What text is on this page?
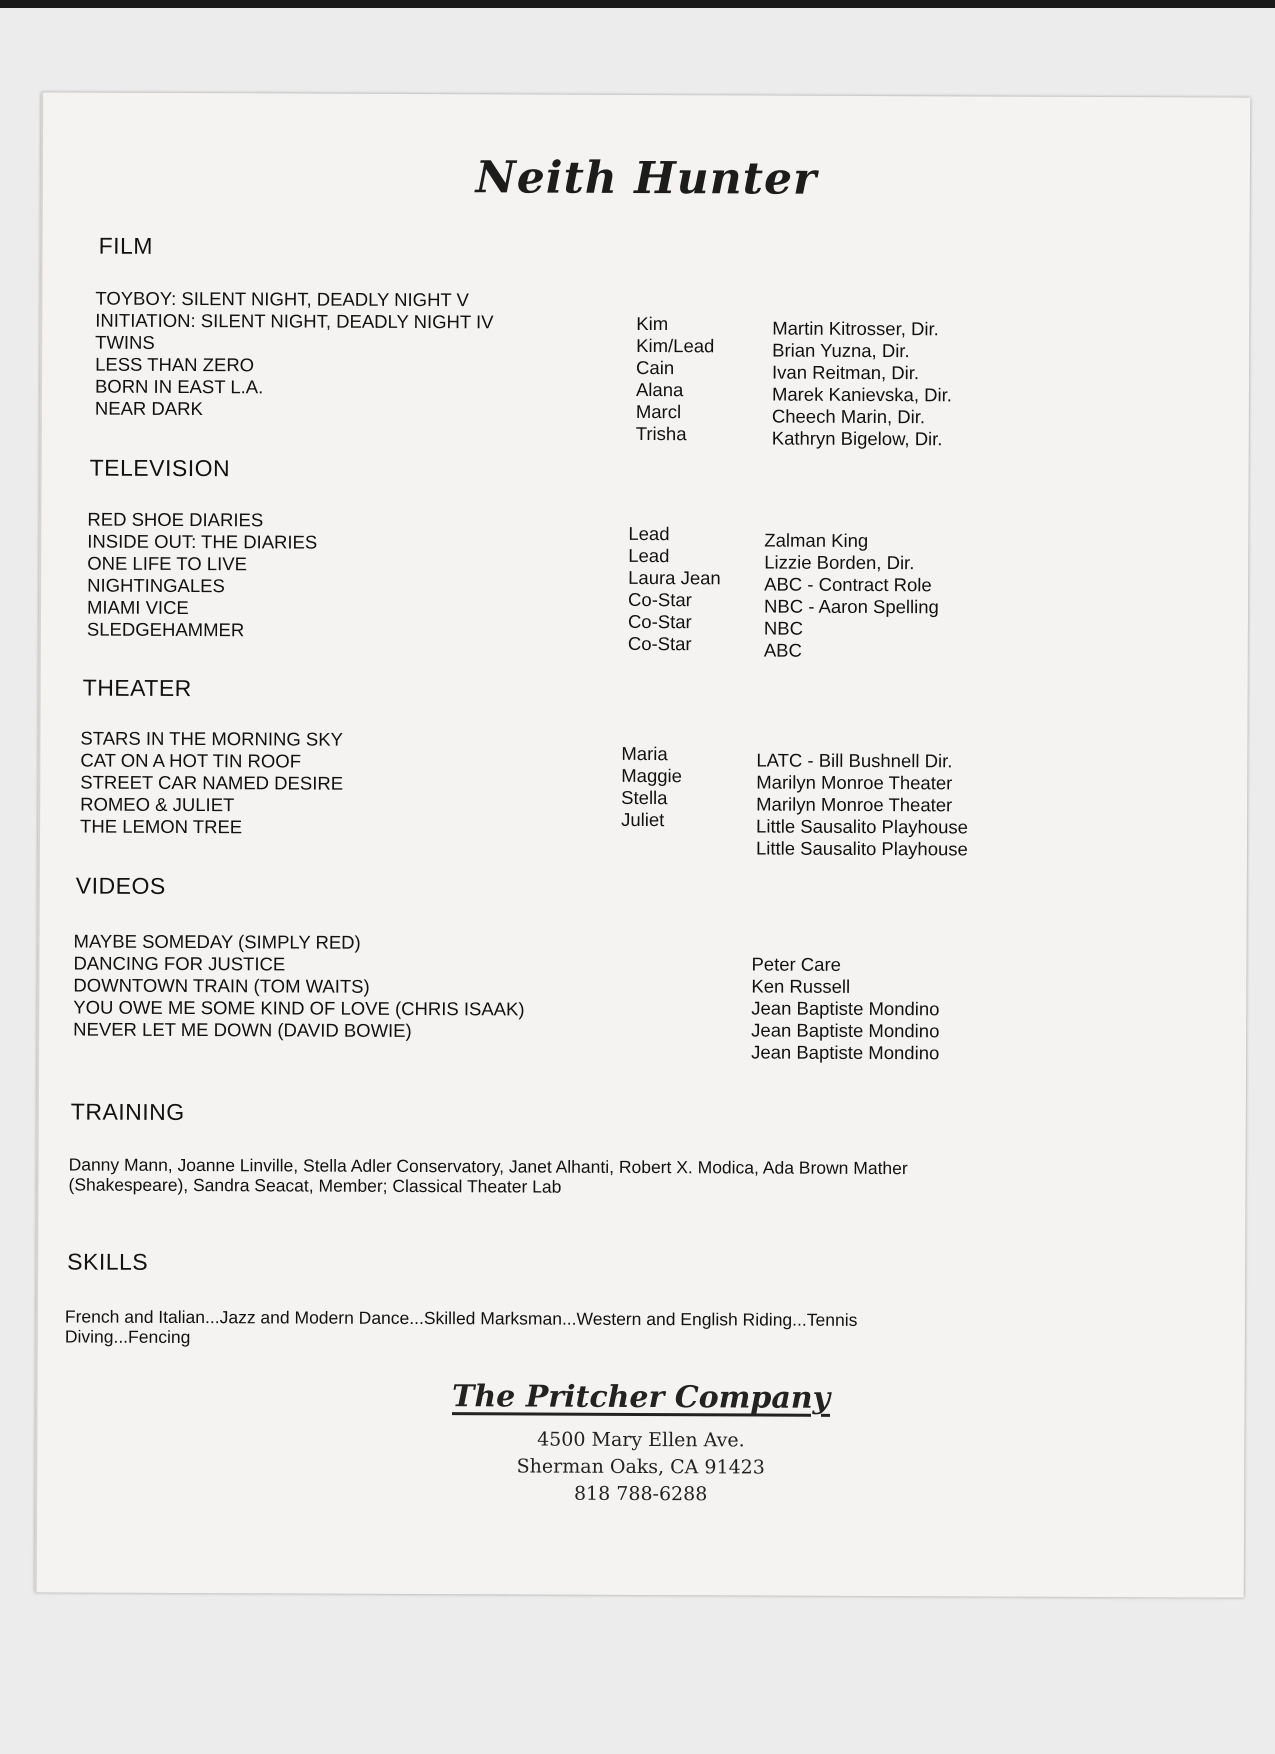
Neith Hunter
FILM
TOYBOY: SILENT NIGHT, DEADLY NIGHT V
INITIATION: SILENT NIGHT, DEADLY NIGHT IV
TWINS
LESS THAN ZERO
BORN IN EAST L.A.
NEAR DARK
Kim
Kim/Lead
Cain
Alana
Marcl
Trisha
Martin Kitrosser, Dir.
Brian Yuzna, Dir.
Ivan Reitman, Dir.
Marek Kanievska, Dir.
Cheech Marin, Dir.
Kathryn Bigelow, Dir.
TELEVISION
RED SHOE DIARIES
INSIDE OUT: THE DIARIES
ONE LIFE TO LIVE
NIGHTINGALES
MIAMI VICE
SLEDGEHAMMER
Lead
Lead
Laura Jean
Co-Star
Co-Star
Co-Star
Zalman King
Lizzie Borden, Dir.
ABC - Contract Role
NBC - Aaron Spelling
NBC
ABC
THEATER
STARS IN THE MORNING SKY
CAT ON A HOT TIN ROOF
STREET CAR NAMED DESIRE
ROMEO & JULIET
THE LEMON TREE
Maria
Maggie
Stella
Juliet
LATC - Bill Bushnell Dir.
Marilyn Monroe Theater
Marilyn Monroe Theater
Little Sausalito Playhouse
Little Sausalito Playhouse
VIDEOS
MAYBE SOMEDAY (SIMPLY RED)
DANCING FOR JUSTICE
DOWNTOWN TRAIN (TOM WAITS)
YOU OWE ME SOME KIND OF LOVE (CHRIS ISAAK)
NEVER LET ME DOWN (DAVID BOWIE)
Peter Care
Ken Russell
Jean Baptiste Mondino
Jean Baptiste Mondino
Jean Baptiste Mondino
TRAINING
Danny Mann, Joanne Linville, Stella Adler Conservatory, Janet Alhanti, Robert X. Modica, Ada Brown Mather
(Shakespeare), Sandra Seacat, Member; Classical Theater Lab
SKILLS
French and Italian...Jazz and Modern Dance...Skilled Marksman...Western and English Riding...Tennis
Diving...Fencing
The Pritcher Company
4500 Mary Ellen Ave.
Sherman Oaks, CA 91423
818 788-6288
